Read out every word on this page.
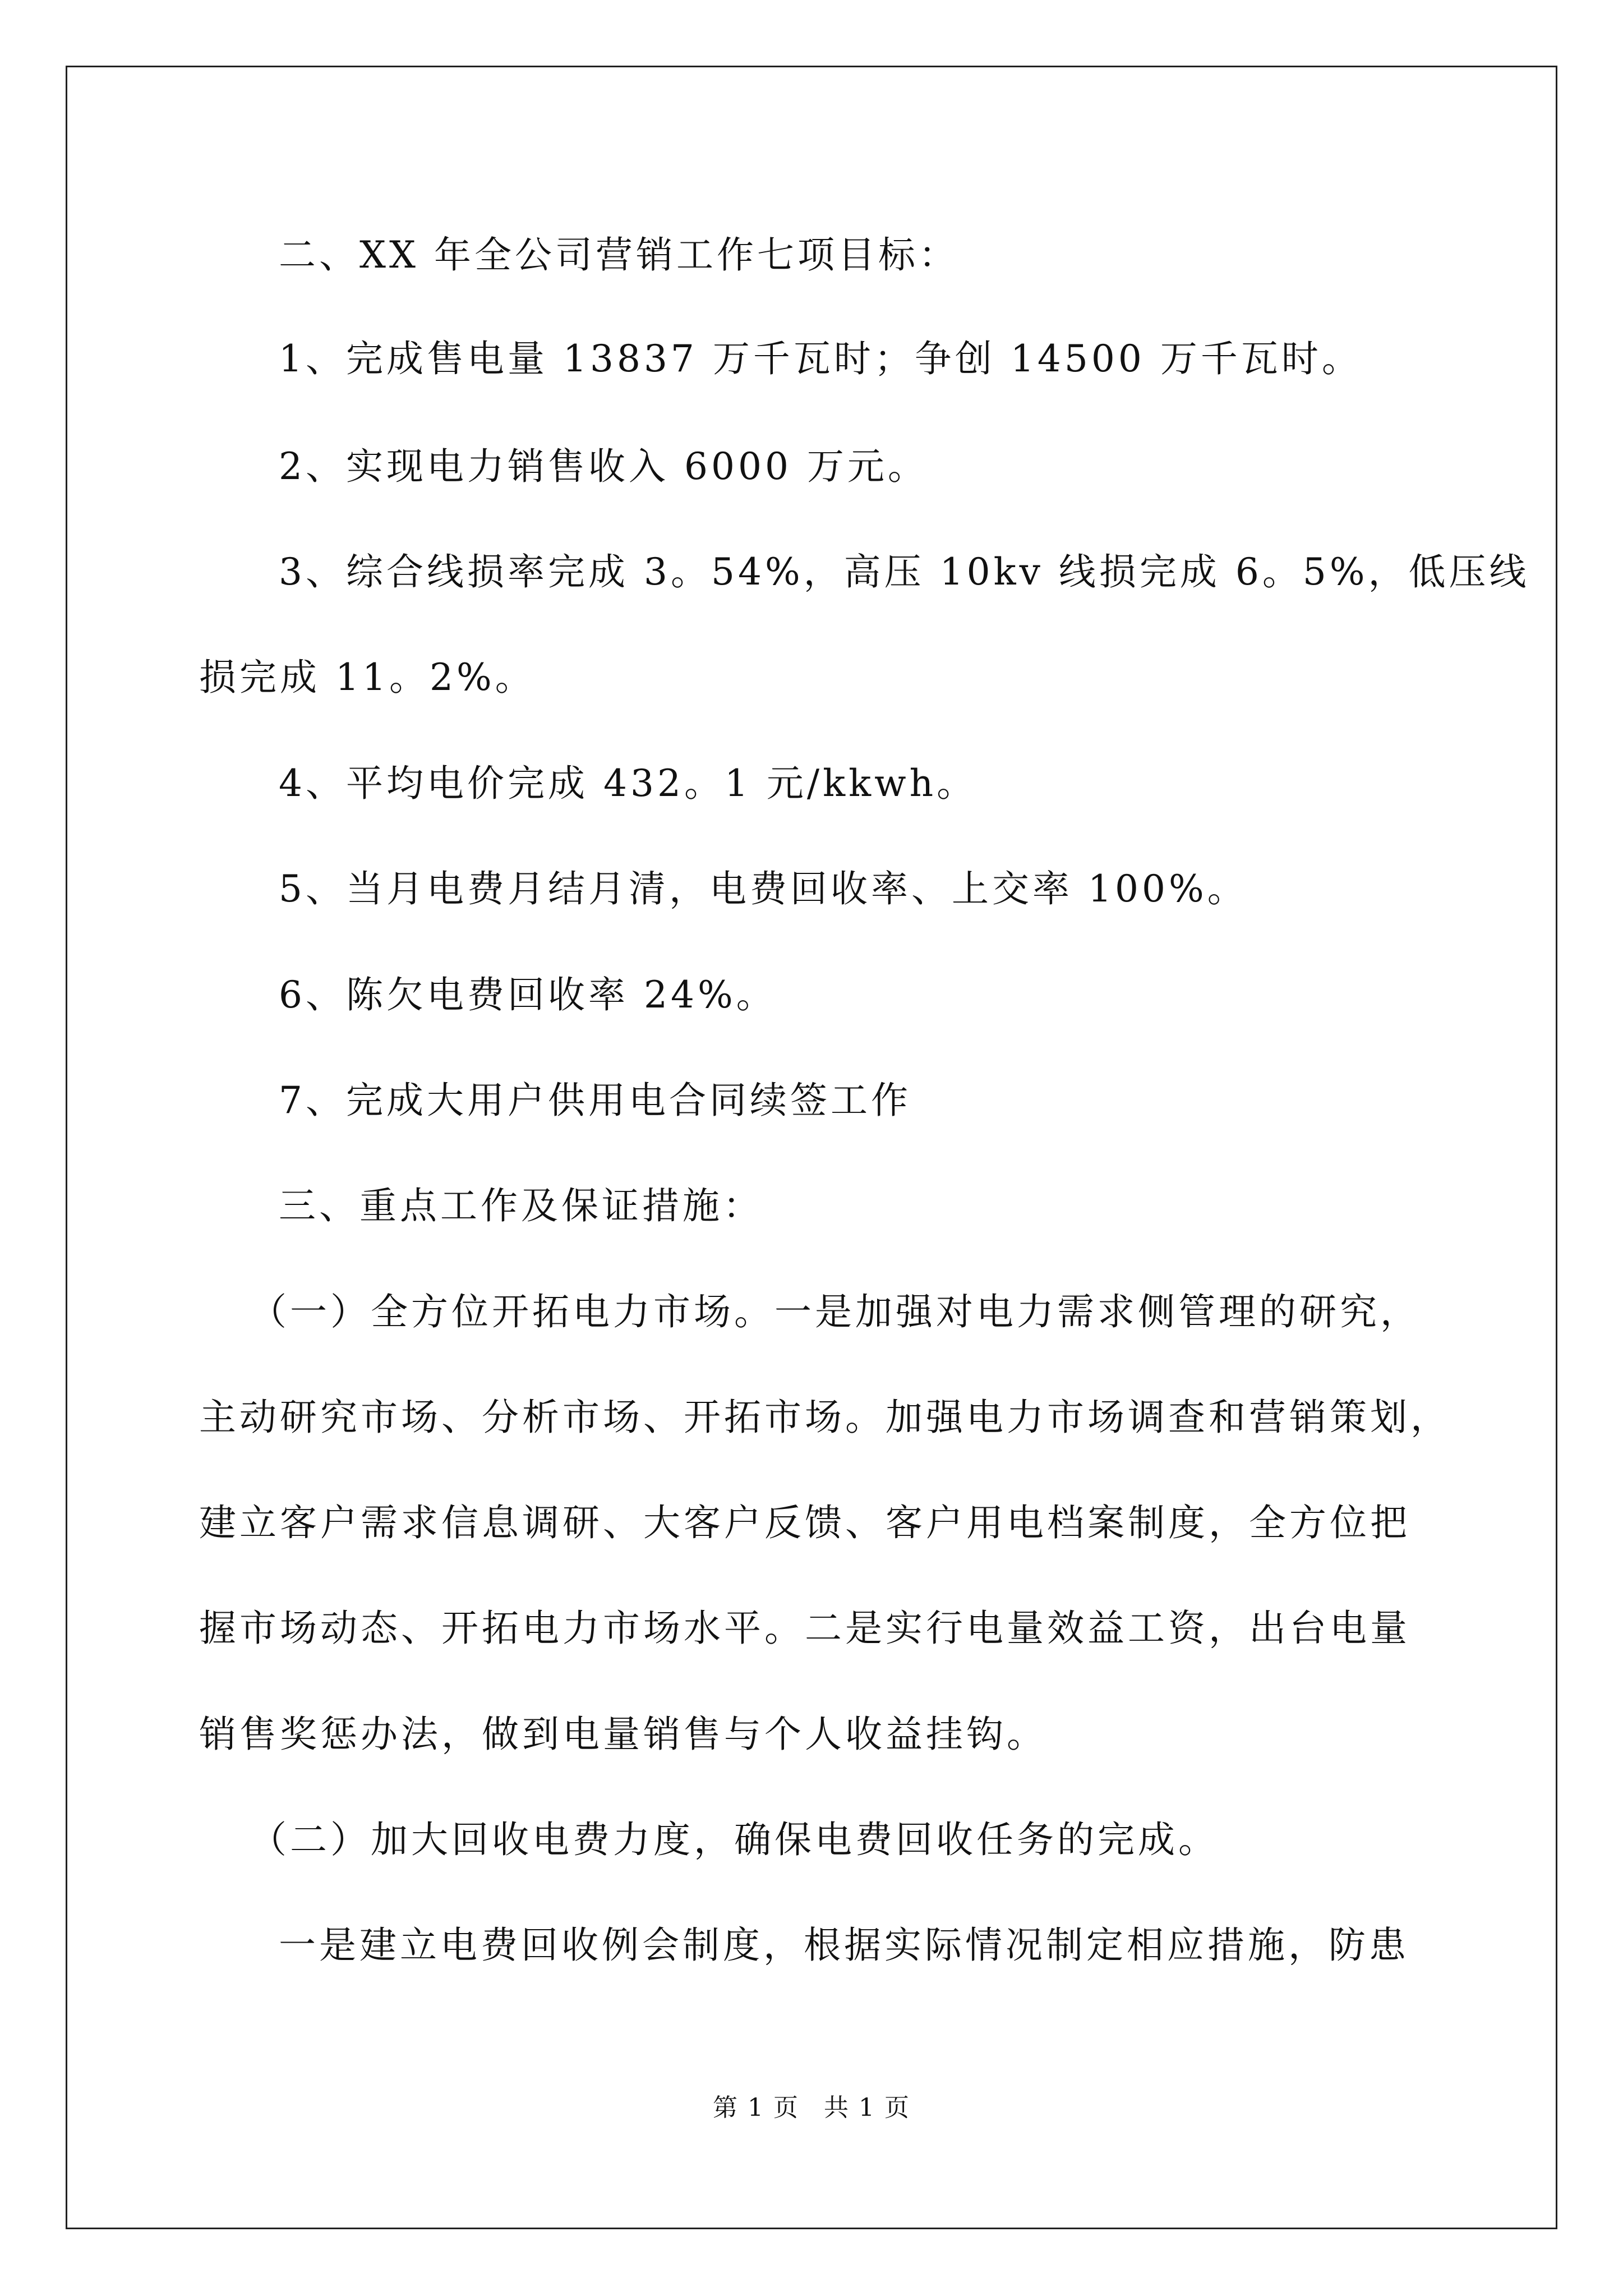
二、XX 年全公司营销工作七项目标：

1、完成售电量 13837 万千瓦时；争创 14500 万千瓦时。

2、实现电力销售收入 6000 万元。

3、综合线损率完成 3。54%，高压 10kv 线损完成 6。5%，低压线

损完成 11。2%。

4、平均电价完成 432。1 元/kkwh。

5、当月电费月结月清，电费回收率、上交率 100%。

6、陈欠电费回收率 24%。

7、完成大用户供用电合同续签工作

三、重点工作及保证措施：

（一）全方位开拓电力市场。一是加强对电力需求侧管理的研究，

主动研究市场、分析市场、开拓市场。加强电力市场调查和营销策划，

建立客户需求信息调研、大客户反馈、客户用电档案制度，全方位把

握市场动态、开拓电力市场水平。二是实行电量效益工资，出台电量

销售奖惩办法，做到电量销售与个人收益挂钩。

（二）加大回收电费力度，确保电费回收任务的完成。

一是建立电费回收例会制度，根据实际情况制定相应措施，防患

第 1 页 共 1 页
